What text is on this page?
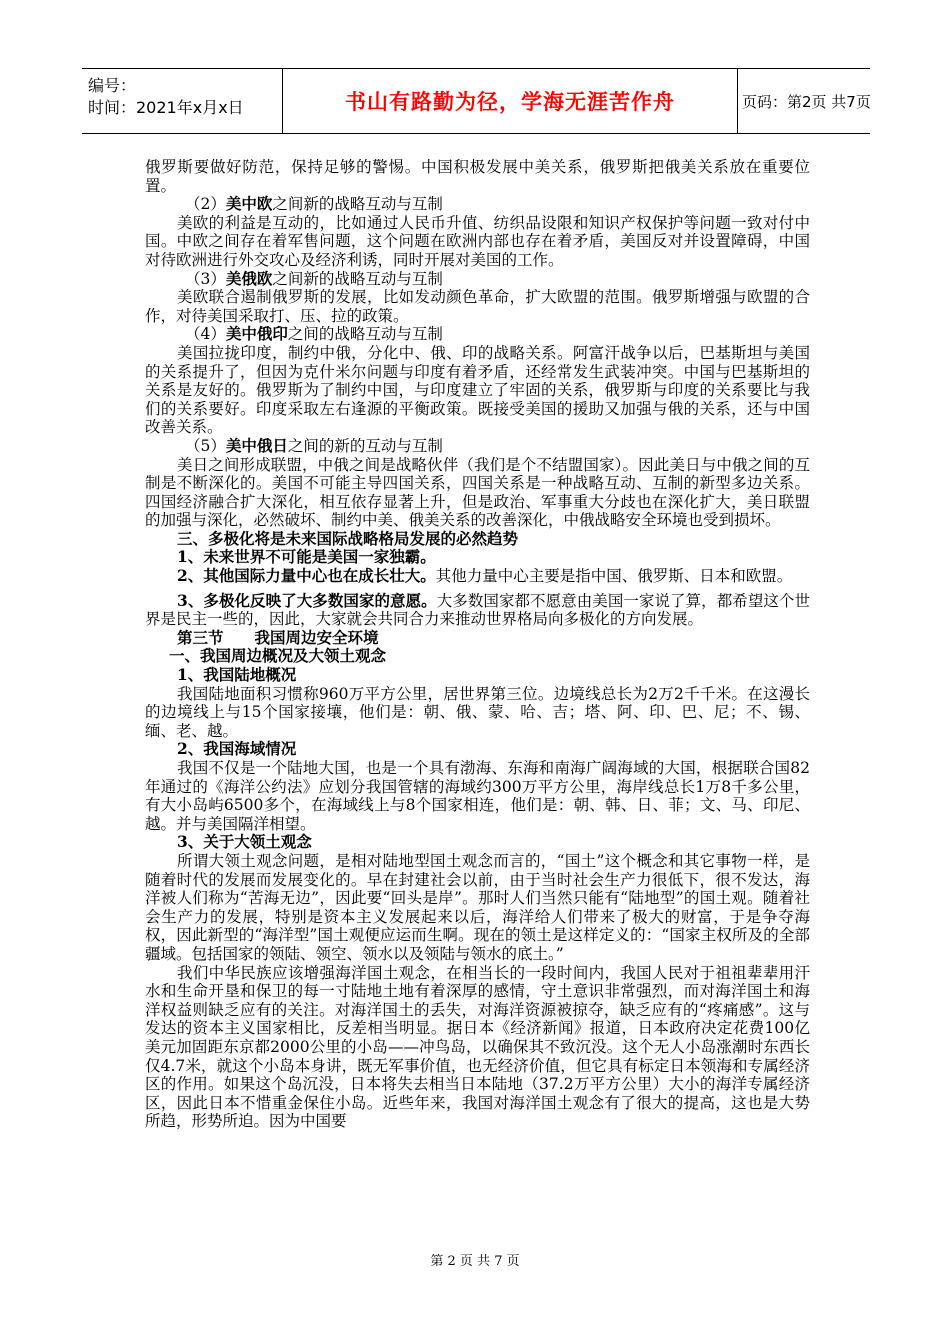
编号：
时间：2021年x月x日	书山有路勤为径，学海无涯苦作舟	页码：第2页 共7页

俄罗斯要做好防范，保持足够的警惕。中国积极发展中美关系，俄罗斯把俄美关系放在重要位置。

（2）美中欧之间新的战略互动与互制

美欧的利益是互动的，比如通过人民币升值、纺织品设限和知识产权保护等问题一致对付中国。中欧之间存在着军售问题，这个问题在欧洲内部也存在着矛盾，美国反对并设置障碍，中国对待欧洲进行外交攻心及经济利诱，同时开展对美国的工作。

（3）美俄欧之间新的战略互动与互制

美欧联合遏制俄罗斯的发展，比如发动颜色革命，扩大欧盟的范围。俄罗斯增强与欧盟的合作，对待美国采取打、压、拉的政策。

（4）美中俄印之间的战略互动与互制

美国拉拢印度，制约中俄，分化中、俄、印的战略关系。阿富汗战争以后，巴基斯坦与美国的关系提升了，但因为克什米尔问题与印度有着矛盾，还经常发生武装冲突。中国与巴基斯坦的关系是友好的。俄罗斯为了制约中国，与印度建立了牢固的关系，俄罗斯与印度的关系要比与我们的关系要好。印度采取左右逢源的平衡政策。既接受美国的援助又加强与俄的关系，还与中国改善关系。

（5）美中俄日之间的新的互动与互制

美日之间形成联盟，中俄之间是战略伙伴（我们是个不结盟国家）。因此美日与中俄之间的互制是不断深化的。美国不可能主导四国关系，四国关系是一种战略互动、互制的新型多边关系。四国经济融合扩大深化，相互依存显著上升，但是政治、军事重大分歧也在深化扩大，美日联盟的加强与深化，必然破坏、制约中美、俄美关系的改善深化，中俄战略安全环境也受到损坏。

三、多极化将是未来国际战略格局发展的必然趋势

1、未来世界不可能是美国一家独霸。

2、其他国际力量中心也在成长壮大。其他力量中心主要是指中国、俄罗斯、日本和欧盟。

3、多极化反映了大多数国家的意愿。大多数国家都不愿意由美国一家说了算，都希望这个世界是民主一些的，因此，大家就会共同合力来推动世界格局向多极化的方向发展。

第三节　　我国周边安全环境

一、我国周边概况及大领土观念

1、我国陆地概况

我国陆地面积习惯称960万平方公里，居世界第三位。边境线总长为2万2千千米。在这漫长的边境线上与15个国家接壤，他们是：朝、俄、蒙、哈、吉；塔、阿、印、巴、尼；不、锡、缅、老、越。

2、我国海域情况

我国不仅是一个陆地大国，也是一个具有渤海、东海和南海广阔海域的大国，根据联合国82年通过的《海洋公约法》应划分我国管辖的海域约300万平方公里，海岸线总长1万8千多公里，有大小岛屿6500多个，在海域线上与8个国家相连，他们是：朝、韩、日、菲；文、马、印尼、越。并与美国隔洋相望。

3、关于大领土观念

所谓大领土观念问题，是相对陆地型国土观念而言的，“国土”这个概念和其它事物一样，是随着时代的发展而发展变化的。早在封建社会以前，由于当时社会生产力很低下，很不发达，海洋被人们称为“苦海无边”，因此要“回头是岸”。那时人们当然只能有“陆地型”的国土观。随着社会生产力的发展，特别是资本主义发展起来以后，海洋给人们带来了极大的财富，于是争夺海权，因此新型的“海洋型”国土观便应运而生啊。现在的领土是这样定义的：“国家主权所及的全部疆域。包括国家的领陆、领空、领水以及领陆与领水的底土。”

我们中华民族应该增强海洋国土观念，在相当长的一段时间内，我国人民对于祖祖辈辈用汗水和生命开垦和保卫的每一寸陆地土地有着深厚的感情，守土意识非常强烈，而对海洋国土和海洋权益则缺乏应有的关注。对海洋国土的丢失，对海洋资源被掠夺，缺乏应有的“疼痛感”。这与发达的资本主义国家相比，反差相当明显。据日本《经济新闻》报道，日本政府决定花费100亿美元加固距东京都2000公里的小岛——冲鸟岛，以确保其不致沉没。这个无人小岛涨潮时东西长仅4.7米，就这个小岛本身讲，既无军事价值，也无经济价值，但它具有标定日本领海和专属经济区的作用。如果这个岛沉没，日本将失去相当日本陆地（37.2万平方公里）大小的海洋专属经济区，因此日本不惜重金保住小岛。近些年来，我国对海洋国土观念有了很大的提高，这也是大势所趋，形势所迫。因为中国要

第 2 页 共 7 页
